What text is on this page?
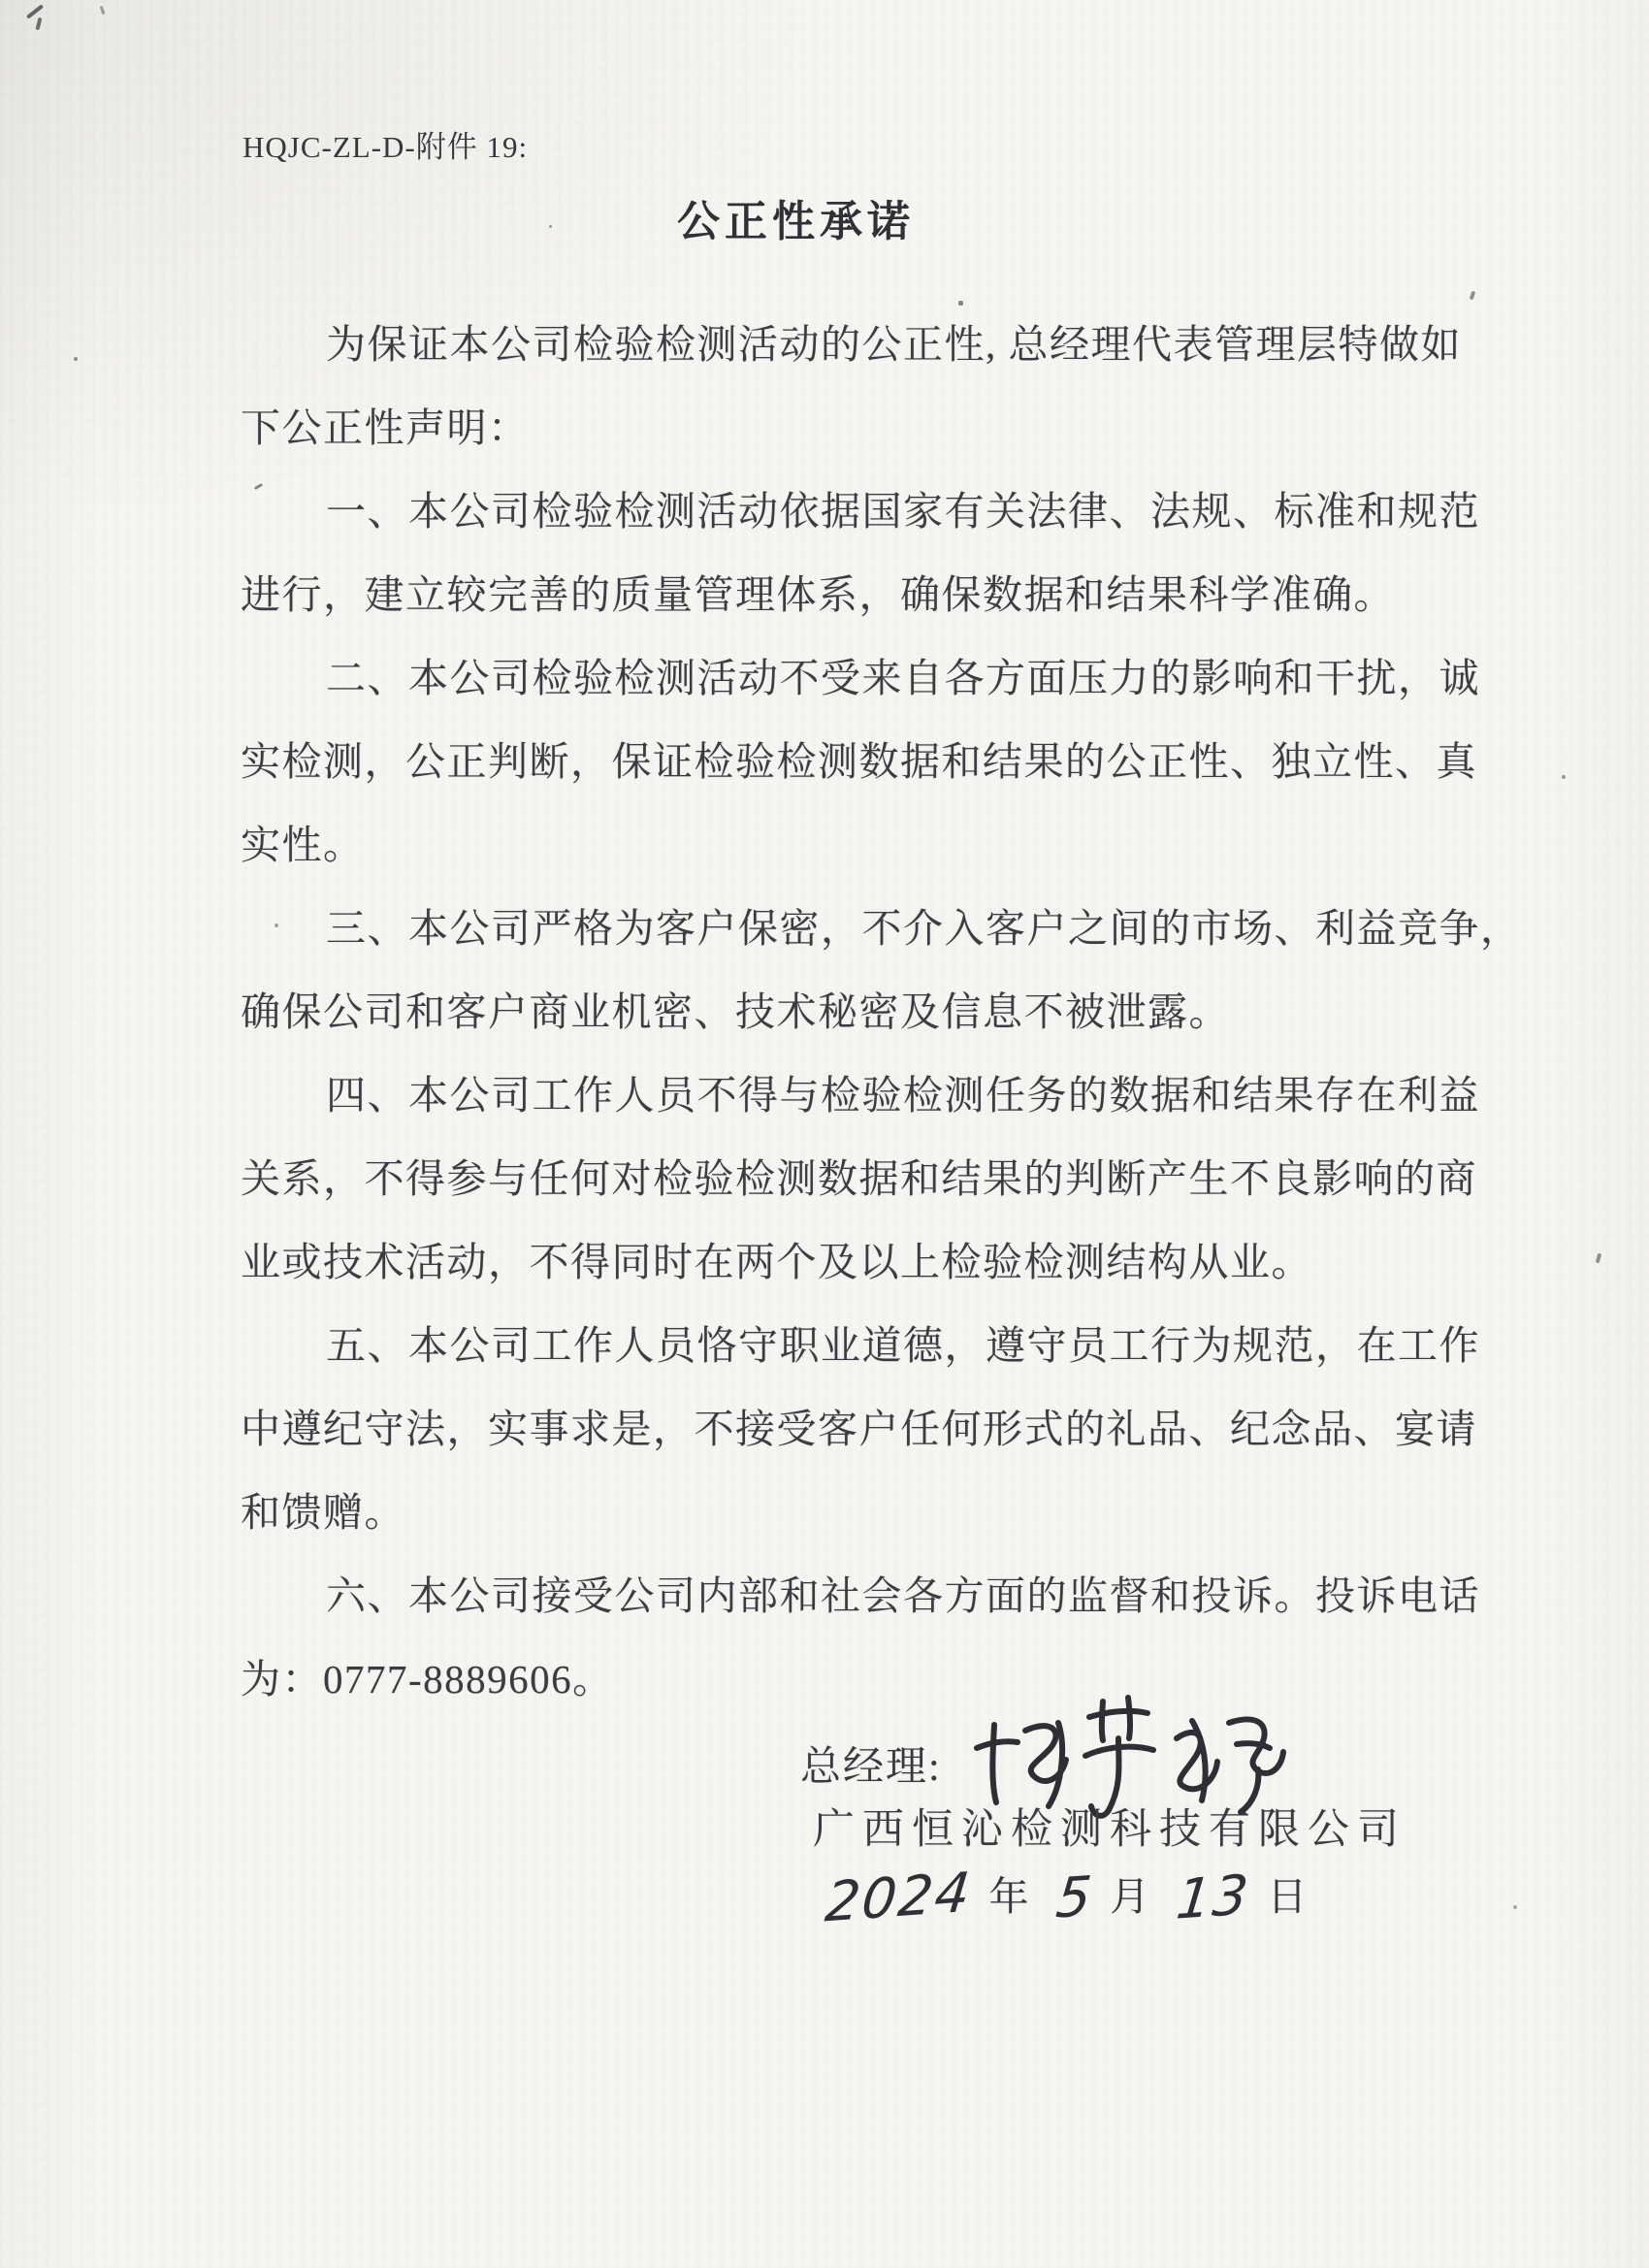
HQJC-ZL-D-附件 19:
公正性承诺
为保证本公司检验检测活动的公正性, 总经理代表管理层特做如
下公正性声明：
一、本公司检验检测活动依据国家有关法律、法规、标准和规范
进行，建立较完善的质量管理体系，确保数据和结果科学准确。
二、本公司检验检测活动不受来自各方面压力的影响和干扰，诚
实检测，公正判断，保证检验检测数据和结果的公正性、独立性、真
实性。
三、本公司严格为客户保密，不介入客户之间的市场、利益竞争，
确保公司和客户商业机密、技术秘密及信息不被泄露。
四、本公司工作人员不得与检验检测任务的数据和结果存在利益
关系，不得参与任何对检验检测数据和结果的判断产生不良影响的商
业或技术活动，不得同时在两个及以上检验检测结构从业。
五、本公司工作人员恪守职业道德，遵守员工行为规范，在工作
中遵纪守法，实事求是，不接受客户任何形式的礼品、纪念品、宴请
和馈赠。
六、本公司接受公司内部和社会各方面的监督和投诉。投诉电话
为：0777-8889606。
总经理:
广西恒沁检测科技有限公司
2024 年 5 月 13 日
